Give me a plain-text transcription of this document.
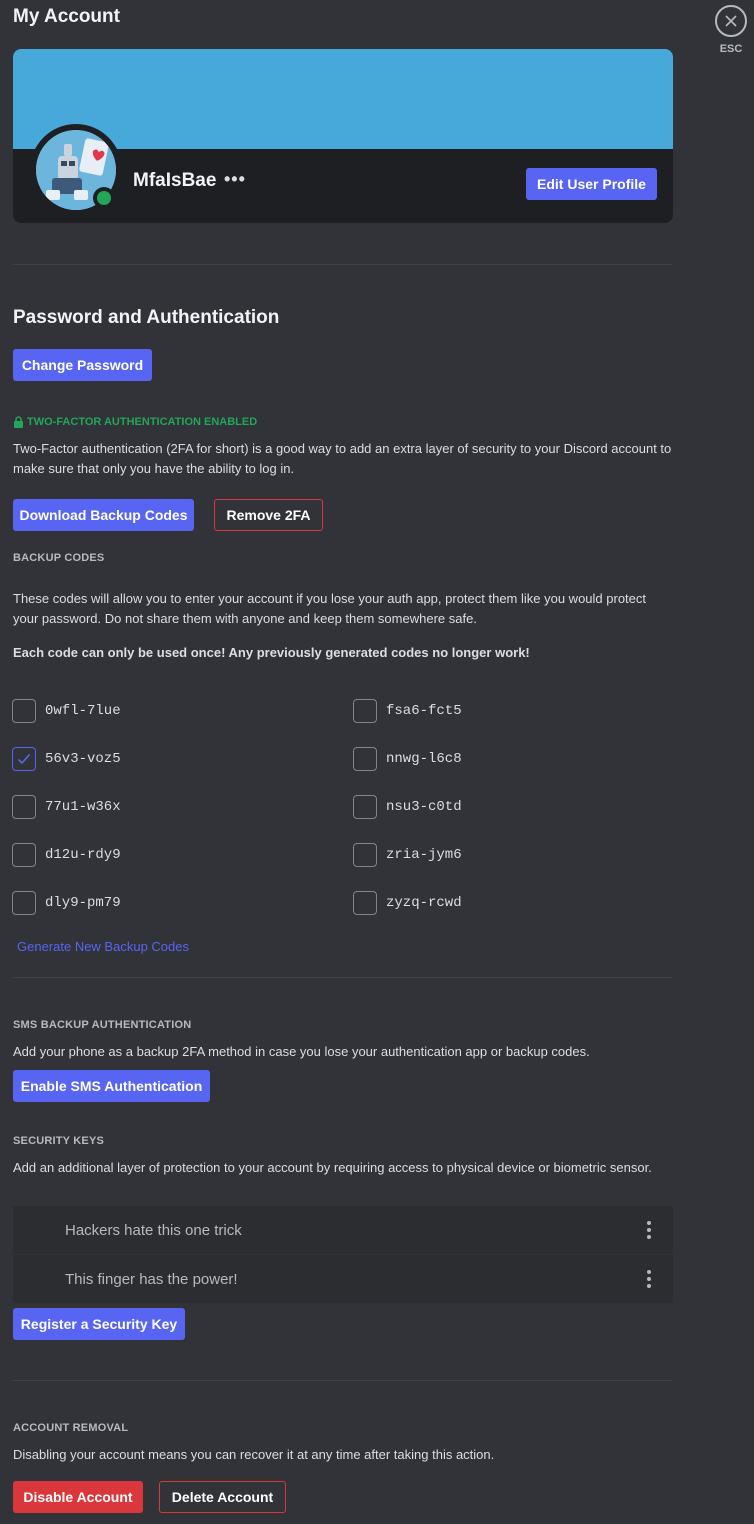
My Account
ESC
MfaIsBae •••	Edit User Profile
Password and Authentication
Change Password
TWO-FACTOR AUTHENTICATION ENABLED
Two-Factor authentication (2FA for short) is a good way to add an extra layer of security to your Discord account to make sure that only you have the ability to log in.
Download Backup Codes	Remove 2FA
BACKUP CODES
These codes will allow you to enter your account if you lose your auth app, protect them like you would protect your password. Do not share them with anyone and keep them somewhere safe.
Each code can only be used once! Any previously generated codes no longer work!
0wfl-7lue	fsa6-fct5
56v3-voz5	nnwg-l6c8
77u1-w36x	nsu3-c0td
d12u-rdy9	zria-jym6
dly9-pm79	zyzq-rcwd
Generate New Backup Codes
SMS BACKUP AUTHENTICATION
Add your phone as a backup 2FA method in case you lose your authentication app or backup codes.
Enable SMS Authentication
SECURITY KEYS
Add an additional layer of protection to your account by requiring access to physical device or biometric sensor.
Hackers hate this one trick
This finger has the power!
Register a Security Key
ACCOUNT REMOVAL
Disabling your account means you can recover it at any time after taking this action.
Disable Account	Delete Account
